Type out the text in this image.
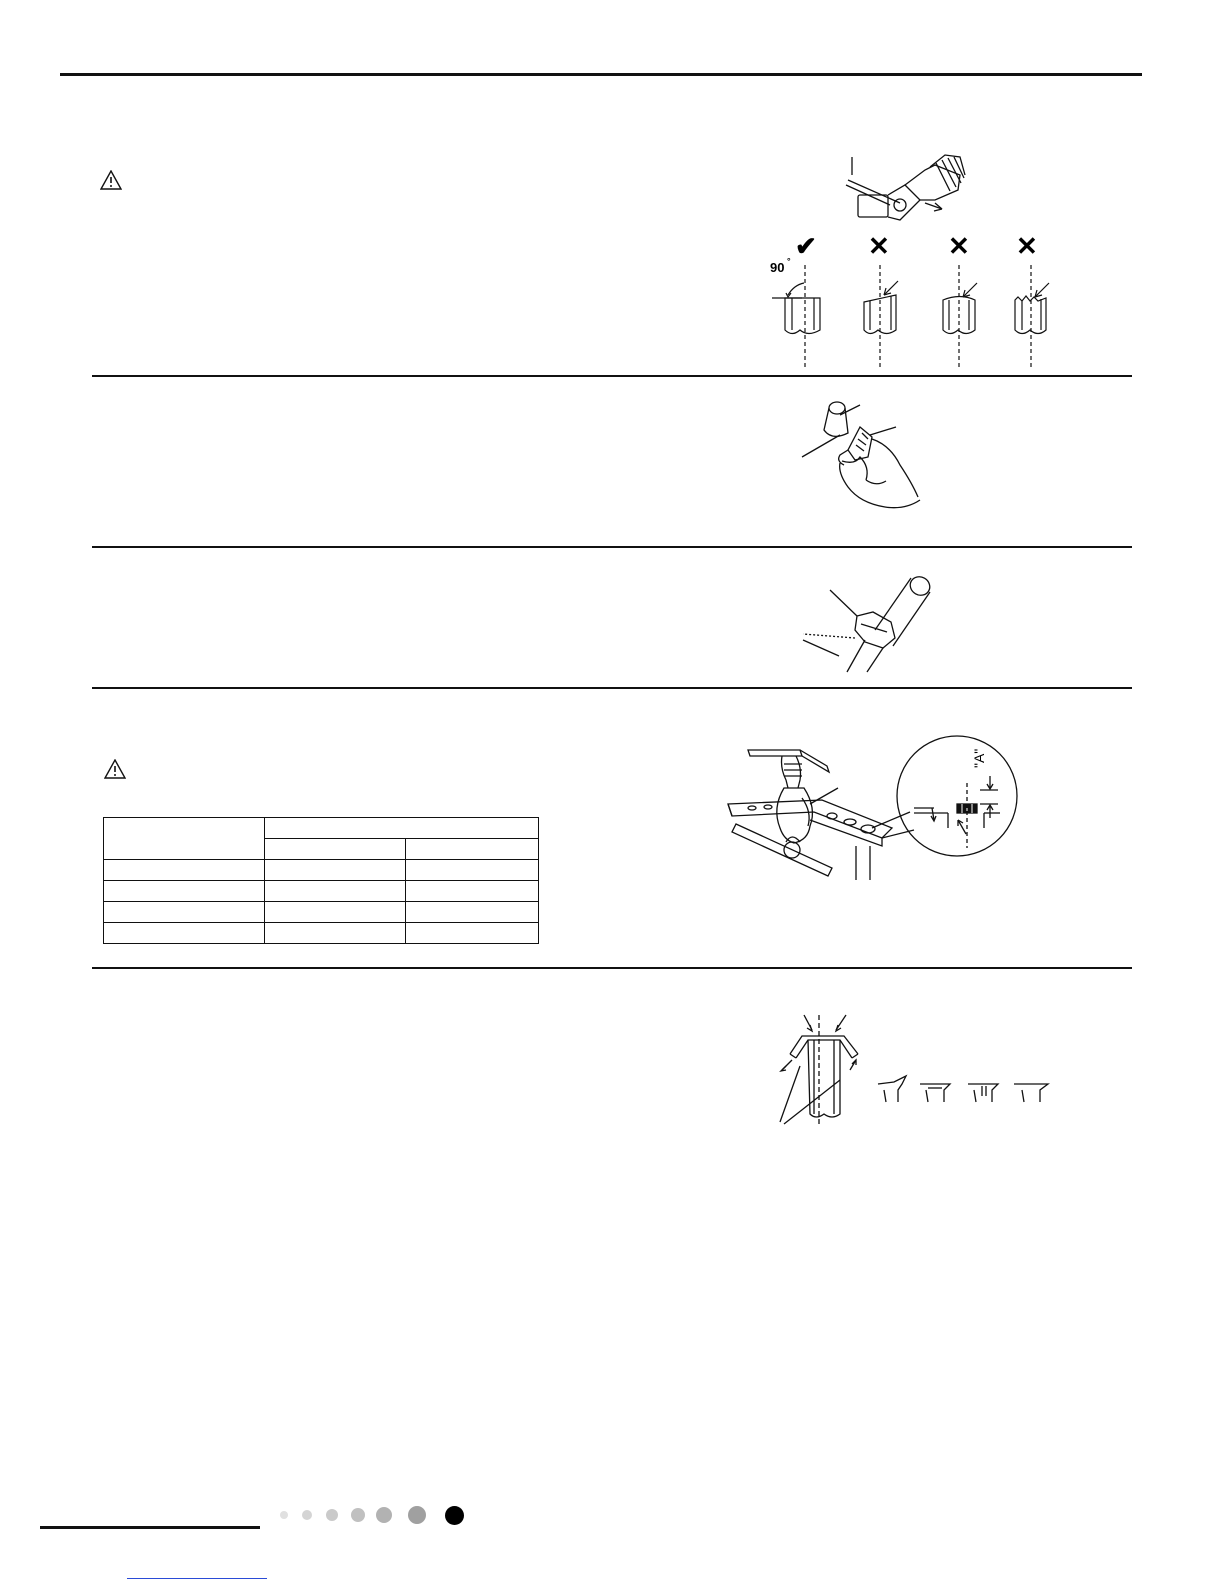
✔ ✕ ✕ ✕
90 °

"A"
